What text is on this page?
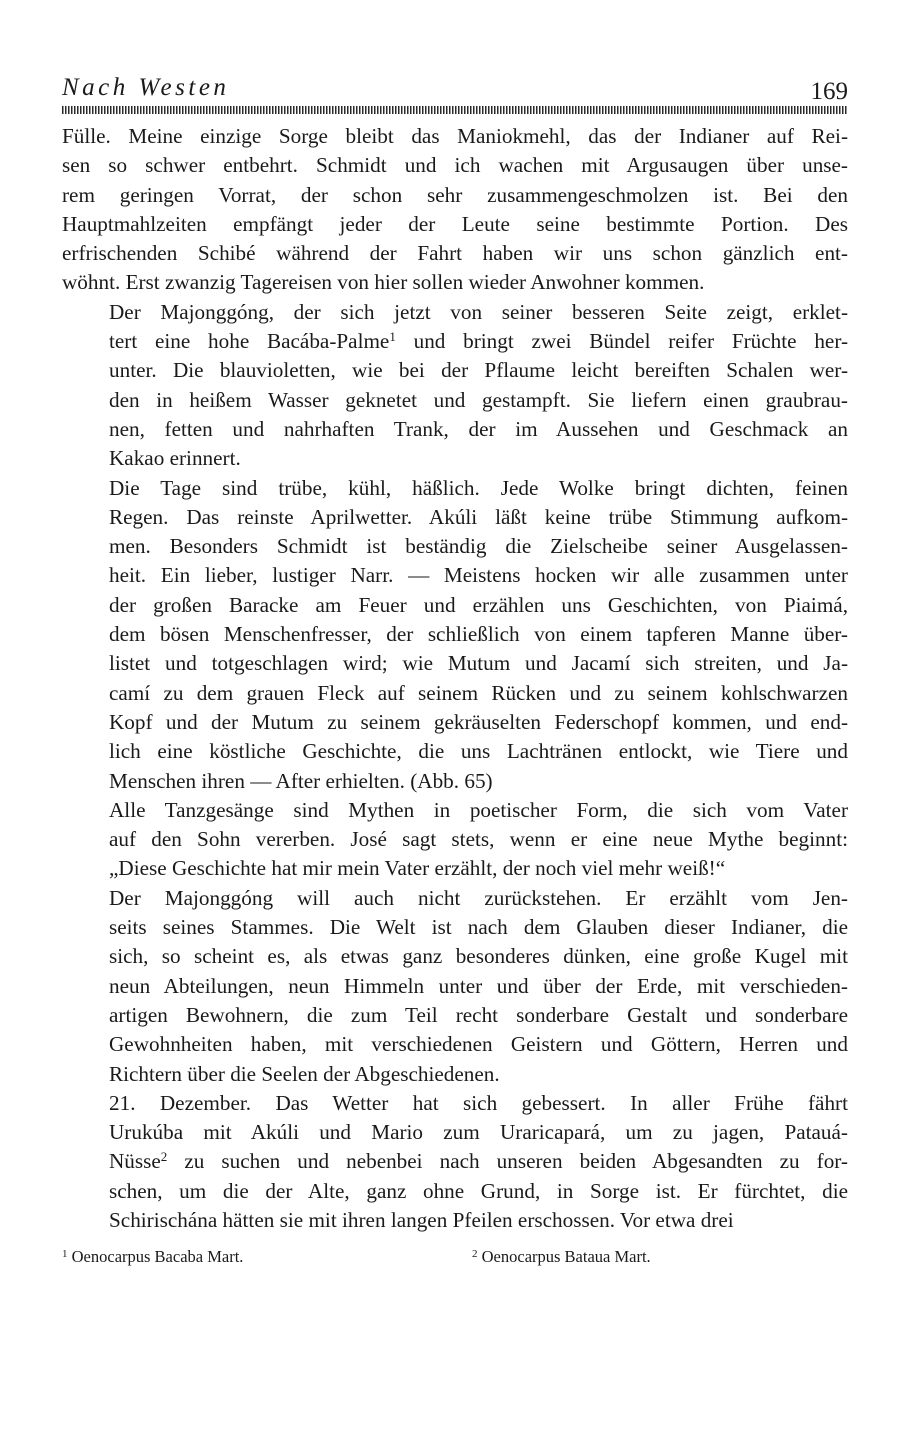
Nach Westen	169

Fülle. Meine einzige Sorge bleibt das Maniokmehl, das der Indianer auf Rei-
sen so schwer entbehrt. Schmidt und ich wachen mit Argusaugen über unse-
rem geringen Vorrat, der schon sehr zusammengeschmolzen ist. Bei den
Hauptmahlzeiten empfängt jeder der Leute seine bestimmte Portion. Des
erfrischenden Schibé während der Fahrt haben wir uns schon gänzlich ent-
wöhnt. Erst zwanzig Tagereisen von hier sollen wieder Anwohner kommen.

Der Majonggóng, der sich jetzt von seiner besseren Seite zeigt, erklet-
tert eine hohe Bacába-Palme$^1$ und bringt zwei Bündel reifer Früchte her-
unter. Die blauvioletten, wie bei der Pflaume leicht bereiften Schalen wer-
den in heißem Wasser geknetet und gestampft. Sie liefern einen graubrau-
nen, fetten und nahrhaften Trank, der im Aussehen und Geschmack an
Kakao erinnert.

Die Tage sind trübe, kühl, häßlich. Jede Wolke bringt dichten, feinen
Regen. Das reinste Aprilwetter. Akúli läßt keine trübe Stimmung aufkom-
men. Besonders Schmidt ist beständig die Zielscheibe seiner Ausgelassen-
heit. Ein lieber, lustiger Narr. — Meistens hocken wir alle zusammen unter
der großen Baracke am Feuer und erzählen uns Geschichten, von Piaimá,
dem bösen Menschenfresser, der schließlich von einem tapferen Manne über-
listet und totgeschlagen wird; wie Mutum und Jacamí sich streiten, und Ja-
camí zu dem grauen Fleck auf seinem Rücken und zu seinem kohlschwarzen
Kopf und der Mutum zu seinem gekräuselten Federschopf kommen, und end-
lich eine köstliche Geschichte, die uns Lachtränen entlockt, wie Tiere und
Menschen ihren — After erhielten. (Abb. 65)

Alle Tanzgesänge sind Mythen in poetischer Form, die sich vom Vater
auf den Sohn vererben. José sagt stets, wenn er eine neue Mythe beginnt:
„Diese Geschichte hat mir mein Vater erzählt, der noch viel mehr weiß!“

Der Majonggóng will auch nicht zurückstehen. Er erzählt vom Jen-
seits seines Stammes. Die Welt ist nach dem Glauben dieser Indianer, die
sich, so scheint es, als etwas ganz besonderes dünken, eine große Kugel mit
neun Abteilungen, neun Himmeln unter und über der Erde, mit verschieden-
artigen Bewohnern, die zum Teil recht sonderbare Gestalt und sonderbare
Gewohnheiten haben, mit verschiedenen Geistern und Göttern, Herren und
Richtern über die Seelen der Abgeschiedenen.

21. Dezember. Das Wetter hat sich gebessert. In aller Frühe fährt
Urukúba mit Akúli und Mario zum Uraricapará, um zu jagen, Patauá-
Nüsse$^2$ zu suchen und nebenbei nach unseren beiden Abgesandten zu for-
schen, um die der Alte, ganz ohne Grund, in Sorge ist. Er fürchtet, die
Schirischána hätten sie mit ihren langen Pfeilen erschossen. Vor etwa drei

$^1$ Oenocarpus Bacaba Mart.	$^2$ Oenocarpus Bataua Mart.
